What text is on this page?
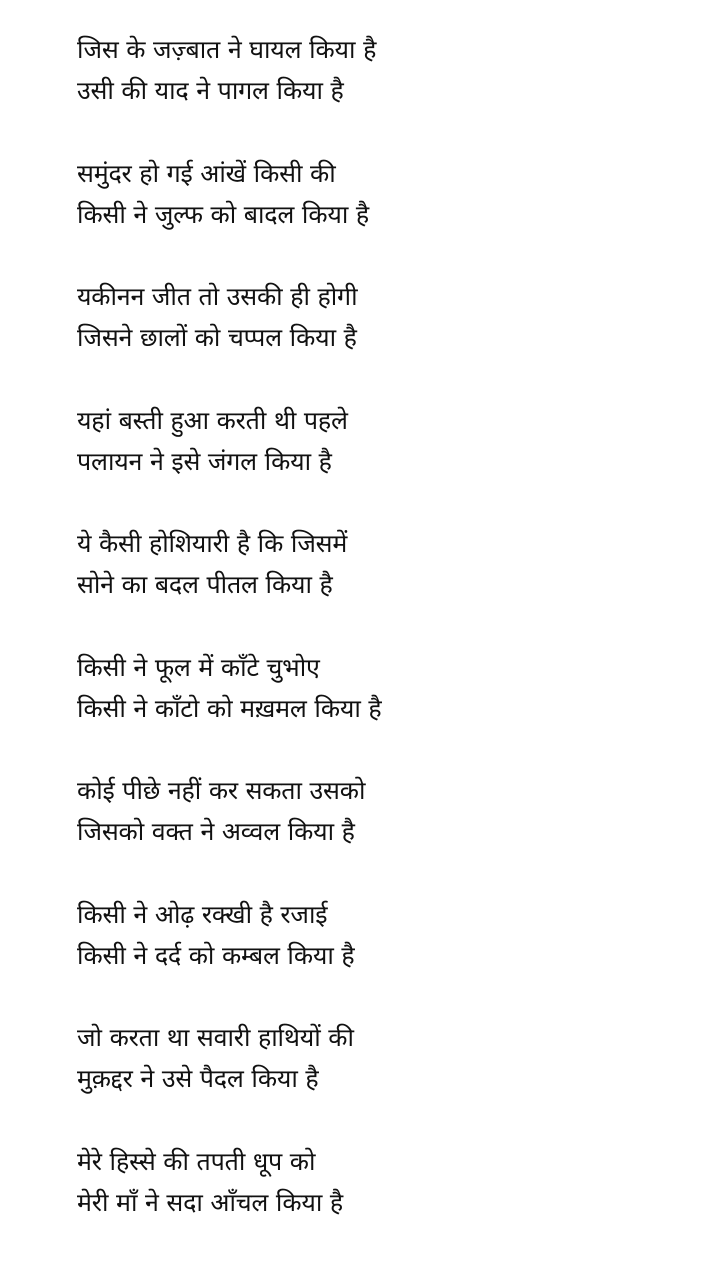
जिस के जज़्बात ने घायल किया है
उसी की याद ने पागल किया है
समुंदर हो गई आंखें किसी की
किसी ने जुल्फ को बादल किया है
यकीनन जीत तो उसकी ही होगी
जिसने छालों को चप्पल किया है
यहां बस्ती हुआ करती थी पहले
पलायन ने इसे जंगल किया है
ये कैसी होशियारी है कि जिसमें
सोने का बदल पीतल किया है
किसी ने फूल में काँटे चुभोए
किसी ने काँटो को मख़मल किया है
कोई पीछे नहीं कर सकता उसको
जिसको वक्त ने अव्वल किया है
किसी ने ओढ़ रक्खी है रजाई
किसी ने दर्द को कम्बल किया है
जो करता था सवारी हाथियों की
मुक़द्दर ने उसे पैदल किया है
मेरे हिस्से की तपती धूप को
मेरी माँ ने सदा आँचल किया है
